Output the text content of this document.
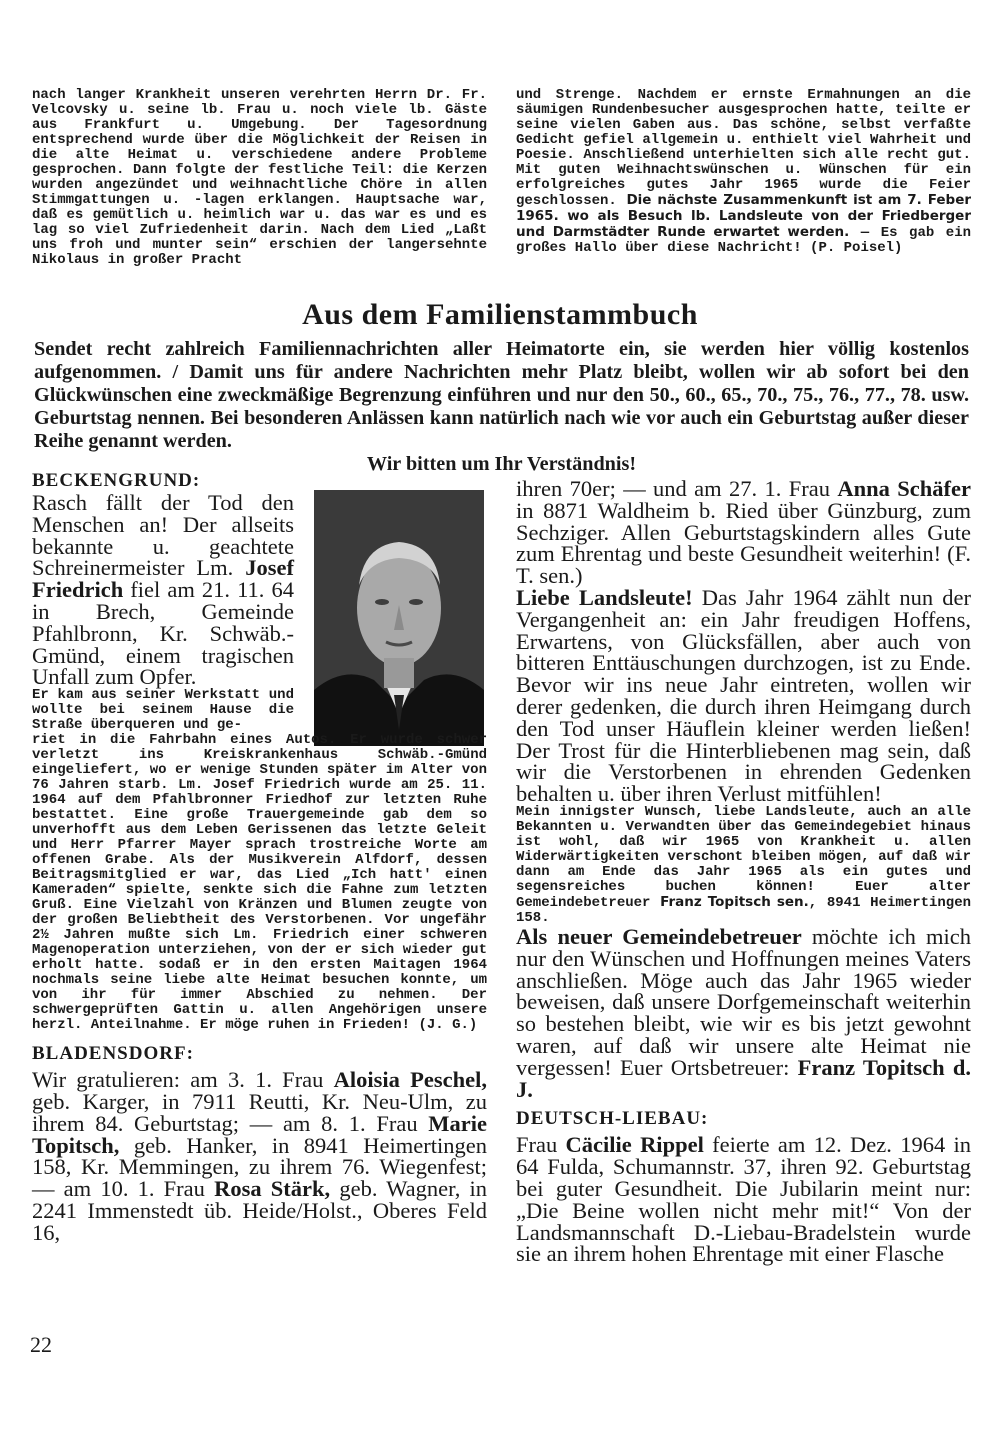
nach langer Krankheit unseren verehrten Herrn Dr. Fr. Velcovsky u. seine lb. Frau u. noch viele lb. Gäste aus Frankfurt u. Umgebung. Der Tagesordnung entsprechend wurde über die Möglichkeit der Reisen in die alte Heimat u. verschiedene andere Probleme gesprochen. Dann folgte der festliche Teil: die Kerzen wurden angezündet und weihnachtliche Chöre in allen Stimmgattungen u. -lagen erklangen. Hauptsache war, daß es gemütlich u. heimlich war u. das war es und es lag so viel Zufriedenheit darin. Nach dem Lied „Laßt uns froh und munter sein“ erschien der langersehnte Nikolaus in großer Pracht

und Strenge. Nachdem er ernste Ermahnungen an die säumigen Rundenbesucher ausgesprochen hatte, teilte er seine vielen Gaben aus. Das schöne, selbst verfaßte Gedicht gefiel allgemein u. enthielt viel Wahrheit und Poesie. Anschließend unterhielten sich alle recht gut. Mit guten Weihnachtswünschen u. Wünschen für ein erfolgreiches gutes Jahr 1965 wurde die Feier geschlossen. Die nächste Zusammenkunft ist am 7. Feber 1965. wo als Besuch lb. Landsleute von der Friedberger und Darmstädter Runde erwartet werden. — Es gab ein großes Hallo über diese Nachricht! (P. Poisel)

Aus dem Familienstammbuch

Sendet recht zahlreich Familiennachrichten aller Heimatorte ein, sie werden hier völlig kostenlos aufgenommen. / Damit uns für andere Nachrichten mehr Platz bleibt, wollen wir ab sofort bei den Glückwünschen eine zweckmäßige Begrenzung einführen und nur den 50., 60., 65., 70., 75., 76., 77., 78. usw. Geburtstag nennen. Bei besonderen Anlässen kann natürlich nach wie vor auch ein Geburtstag außer dieser Reihe genannt werden.
Wir bitten um Ihr Verständnis!

BECKENGRUND:

Rasch fällt der Tod den Menschen an! Der allseits bekannte u. geachtete Schreinermeister Lm. Josef Friedrich fiel am 21. 11. 64 in Brech, Gemeinde Pfahlbronn, Kr. Schwäb.-Gmünd, einem tragischen Unfall zum Opfer.

Er kam aus seiner Werkstatt und wollte bei seinem Hause die Straße überqueren und ge-

riet in die Fahrbahn eines Autos. Er wurde schwer verletzt ins Kreiskrankenhaus Schwäb.-Gmünd eingeliefert, wo er wenige Stunden später im Alter von 76 Jahren starb. Lm. Josef Friedrich wurde am 25. 11. 1964 auf dem Pfahlbronner Friedhof zur letzten Ruhe bestattet. Eine große Trauergemeinde gab dem so unverhofft aus dem Leben Gerissenen das letzte Geleit und Herr Pfarrer Mayer sprach trostreiche Worte am offenen Grabe. Als der Musikverein Alfdorf, dessen Beitragsmitglied er war, das Lied „Ich hatt' einen Kameraden“ spielte, senkte sich die Fahne zum letzten Gruß. Eine Vielzahl von Kränzen und Blumen zeugte von der großen Beliebtheit des Verstorbenen. Vor ungefähr 2½ Jahren mußte sich Lm. Friedrich einer schweren Magenoperation unterziehen, von der er sich wieder gut erholt hatte. sodaß er in den ersten Maitagen 1964 nochmals seine liebe alte Heimat besuchen konnte, um von ihr für immer Abschied zu nehmen. Der schwergeprüften Gattin u. allen Angehörigen unsere herzl. Anteilnahme. Er möge ruhen in Frieden! (J. G.)

BLADENSDORF:

Wir gratulieren: am 3. 1. Frau Aloisia Peschel, geb. Karger, in 7911 Reutti, Kr. Neu-Ulm, zu ihrem 84. Geburtstag; — am 8. 1. Frau Marie Topitsch, geb. Hanker, in 8941 Heimertingen 158, Kr. Memmingen, zu ihrem 76. Wiegenfest; — am 10. 1. Frau Rosa Stärk, geb. Wagner, in 2241 Immenstedt üb. Heide/Holst., Oberes Feld 16,

ihren 70er; — und am 27. 1. Frau Anna Schäfer in 8871 Waldheim b. Ried über Günzburg, zum Sechziger. Allen Geburtstagskindern alles Gute zum Ehrentag und beste Gesundheit weiterhin! (F. T. sen.)

Liebe Landsleute! Das Jahr 1964 zählt nun der Vergangenheit an: ein Jahr freudigen Hoffens, Erwartens, von Glücksfällen, aber auch von bitteren Enttäuschungen durchzogen, ist zu Ende. Bevor wir ins neue Jahr eintreten, wollen wir derer gedenken, die durch ihren Heimgang durch den Tod unser Häuflein kleiner werden ließen! Der Trost für die Hinterbliebenen mag sein, daß wir die Verstorbenen in ehrenden Gedenken behalten u. über ihren Verlust mitfühlen!

Mein innigster Wunsch, liebe Landsleute, auch an alle Bekannten u. Verwandten über das Gemeindegebiet hinaus ist wohl, daß wir 1965 von Krankheit u. allen Widerwärtigkeiten verschont bleiben mögen, auf daß wir dann am Ende das Jahr 1965 als ein gutes und segensreiches buchen können! Euer alter Gemeindebetreuer Franz Topitsch sen., 8941 Heimertingen 158.

Als neuer Gemeindebetreuer möchte ich mich nur den Wünschen und Hoffnungen meines Vaters anschließen. Möge auch das Jahr 1965 wieder beweisen, daß unsere Dorfgemeinschaft weiterhin so bestehen bleibt, wie wir es bis jetzt gewohnt waren, auf daß wir unsere alte Heimat nie vergessen! Euer Ortsbetreuer: Franz Topitsch d. J.

DEUTSCH-LIEBAU:

Frau Cäcilie Rippel feierte am 12. Dez. 1964 in 64 Fulda, Schumannstr. 37, ihren 92. Geburtstag bei guter Gesundheit. Die Jubilarin meint nur: „Die Beine wollen nicht mehr mit!“ Von der Landsmannschaft D.-Liebau-Bradelstein wurde sie an ihrem hohen Ehrentage mit einer Flasche

22
